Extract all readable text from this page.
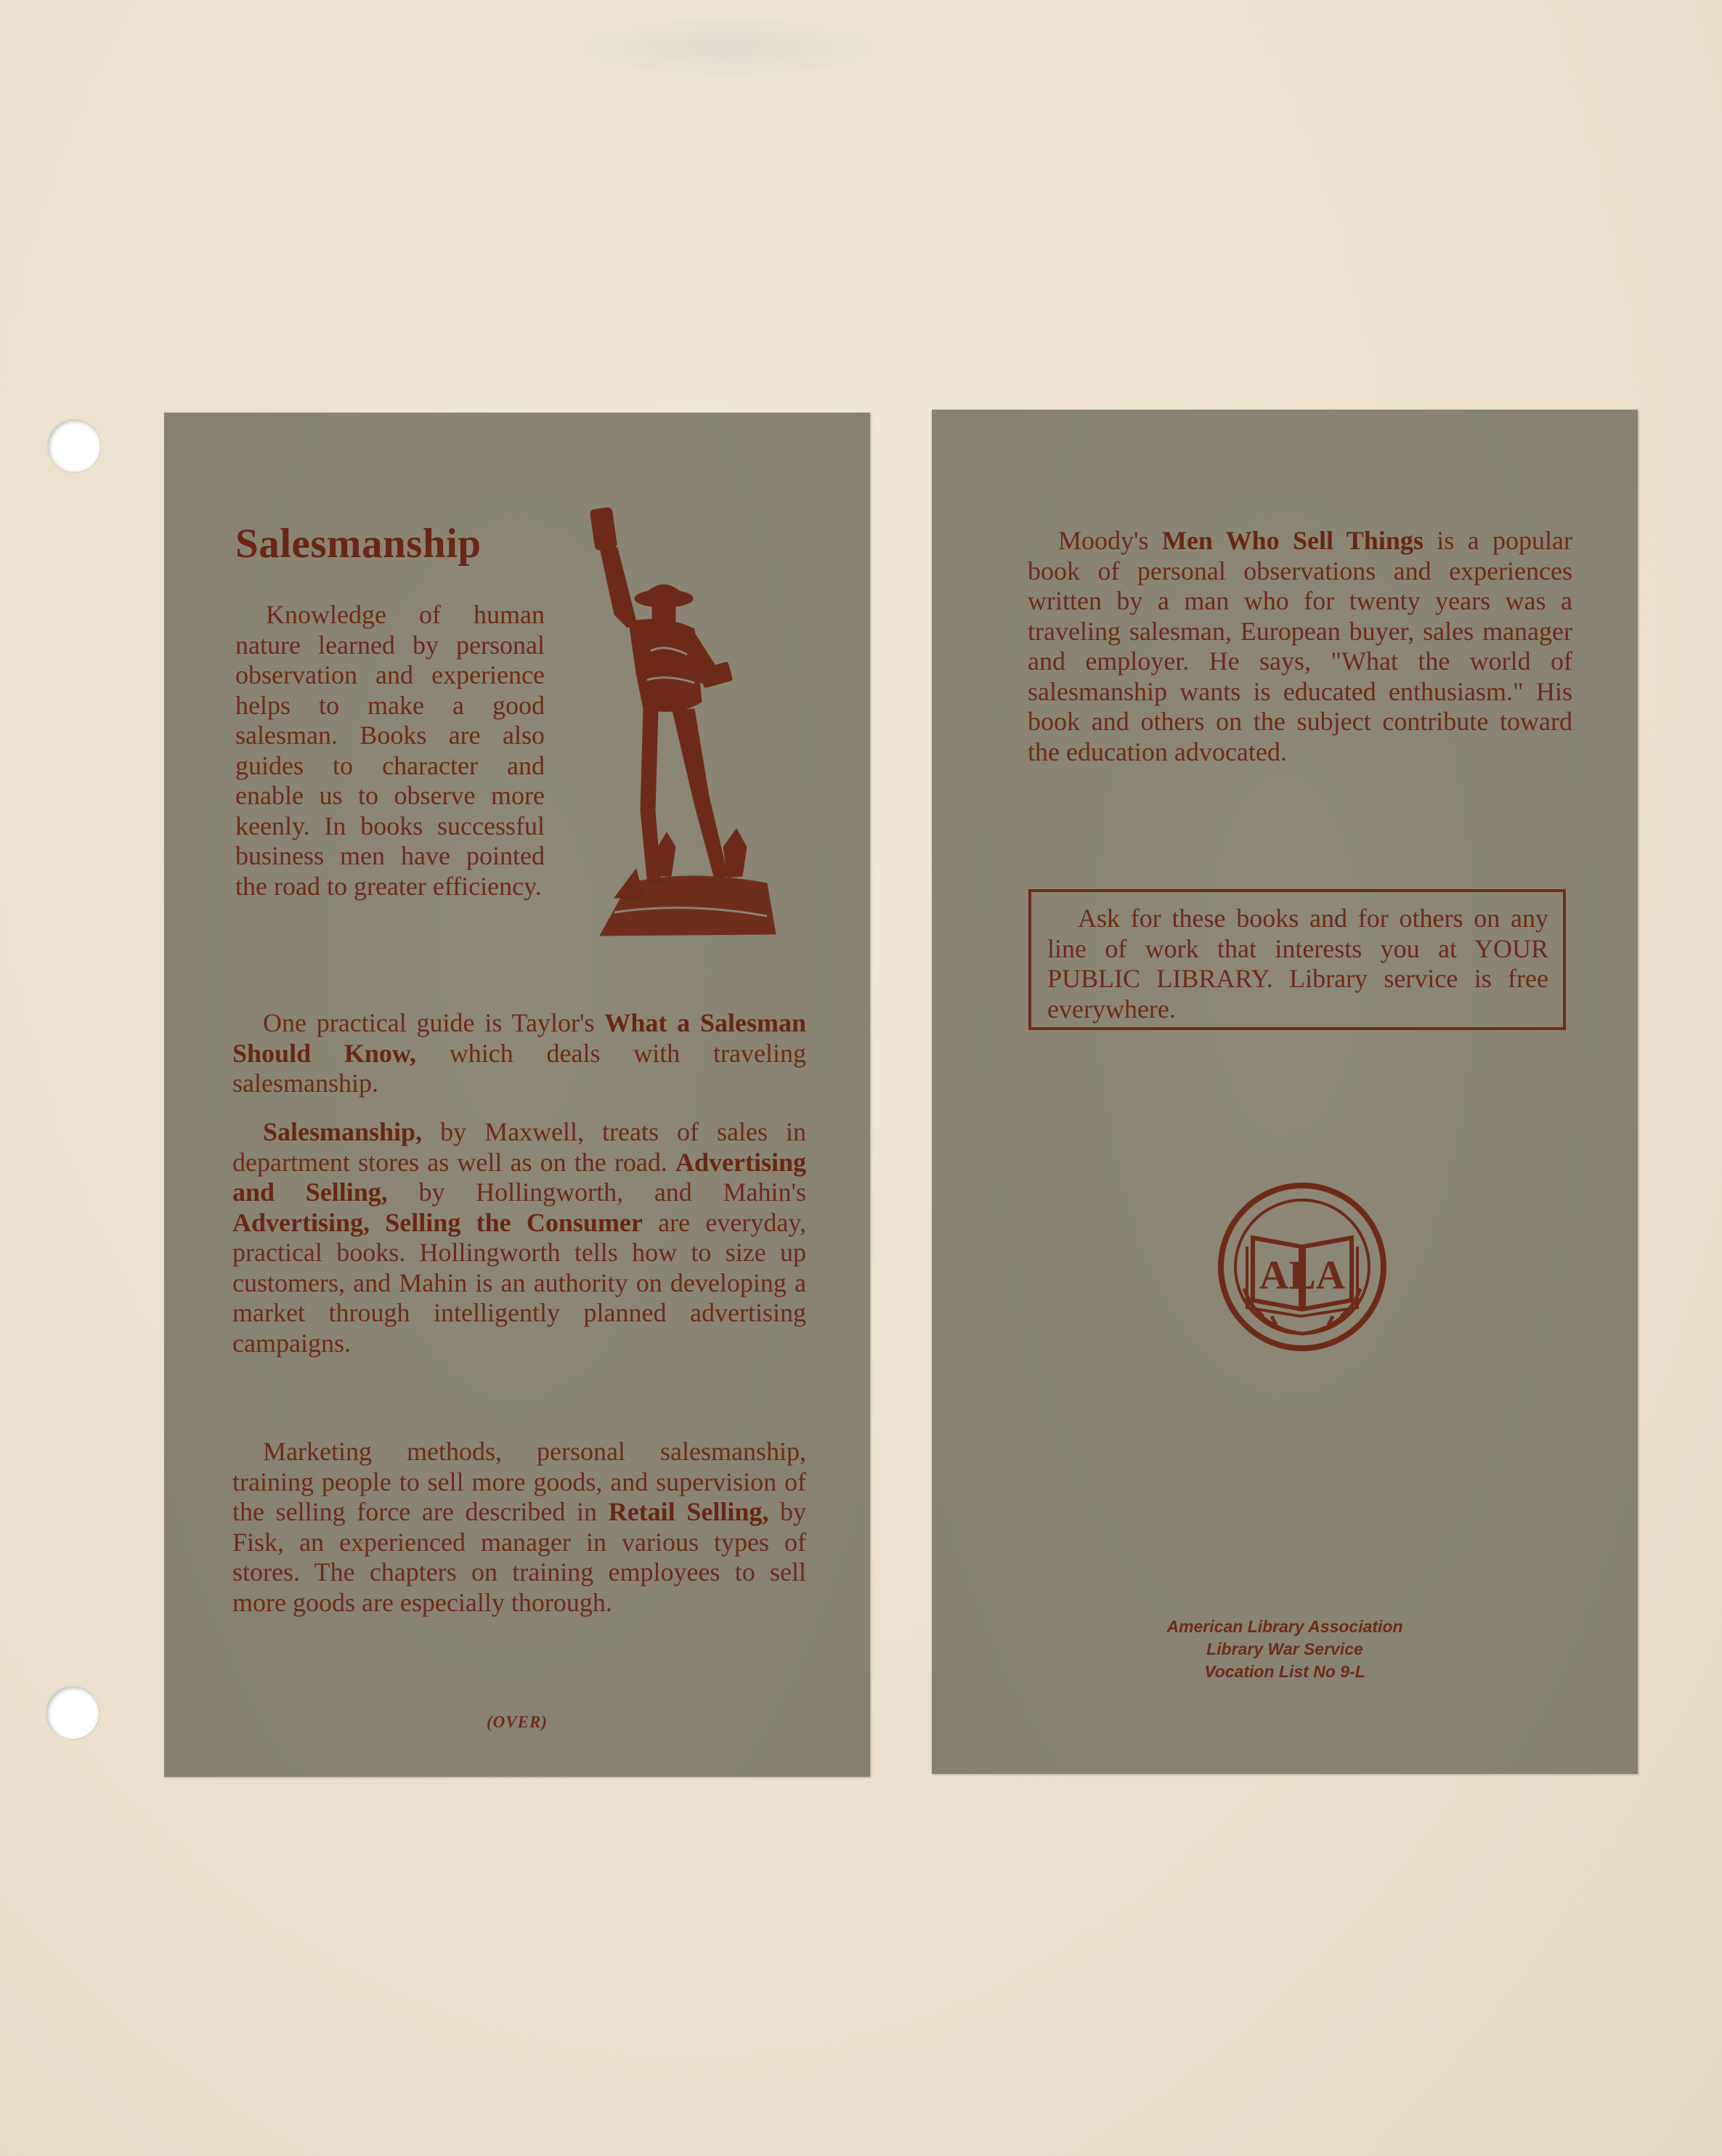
Salesmanship

Knowledge of human nature learned by personal observation and experience helps to make a good salesman. Books are also guides to character and enable us to observe more keenly. In books successful business men have pointed the road to greater efficiency.

One practical guide is Taylor's What a Salesman Should Know, which deals with traveling salesmanship.

Salesmanship, by Maxwell, treats of sales in department stores as well as on the road. Advertising and Selling, by Hollingworth, and Mahin's Advertising, Selling the Consumer are everyday, practical books. Hollingworth tells how to size up customers, and Mahin is an authority on developing a market through intelligently planned advertising campaigns.

Marketing methods, personal salesmanship, training people to sell more goods, and supervision of the selling force are described in Retail Selling, by Fisk, an experienced manager in various types of stores. The chapters on training employees to sell more goods are especially thorough.

(OVER)

Moody's Men Who Sell Things is a popular book of personal observations and experiences written by a man who for twenty years was a traveling salesman, European buyer, sales manager and employer. He says, "What the world of salesmanship wants is educated enthusiasm." His book and others on the subject contribute toward the education advocated.

Ask for these books and for others on any line of work that interests you at YOUR PUBLIC LIBRARY. Library service is free everywhere.

ALA
American Library Association
Library War Service
Vocation List No 9-L
